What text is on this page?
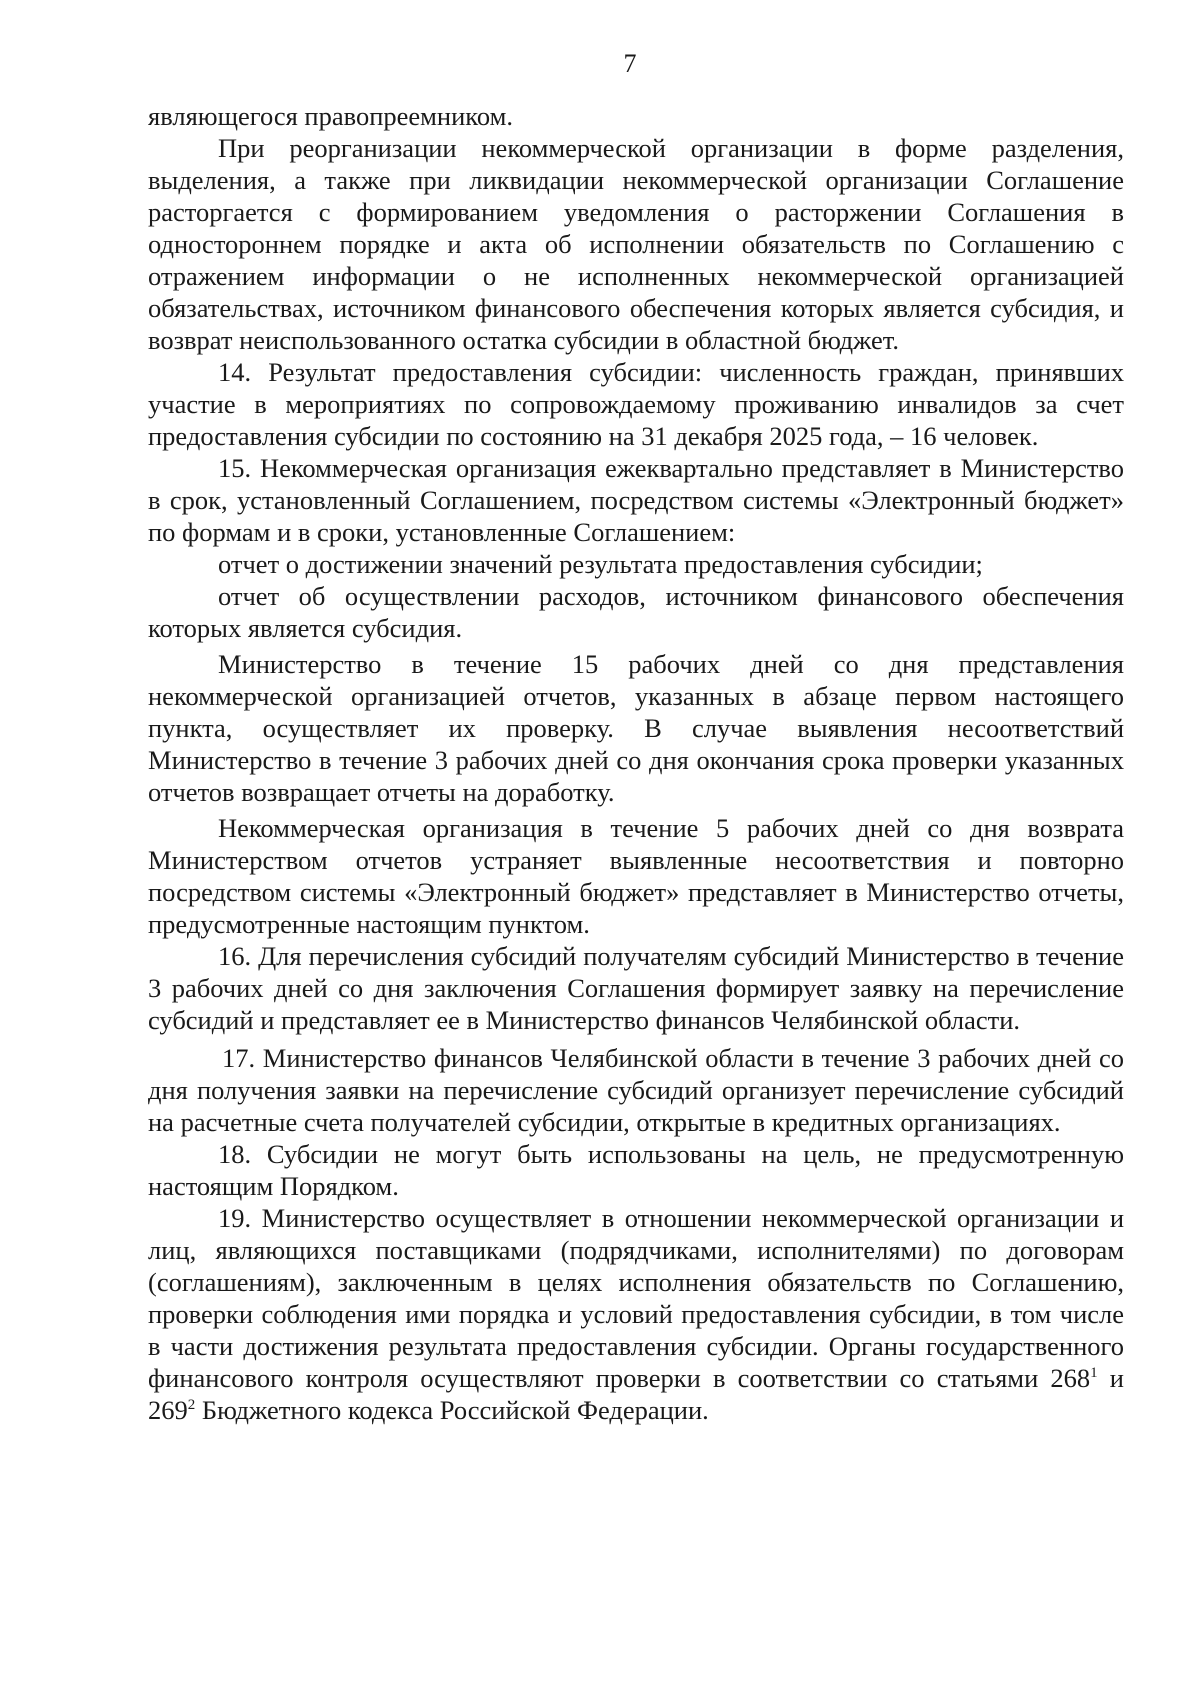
7

являющегося правопреемником.

При реорганизации некоммерческой организации в форме разделения, выделения, а также при ликвидации некоммерческой организации Соглашение расторгается с формированием уведомления о расторжении Соглашения в одностороннем порядке и акта об исполнении обязательств по Соглашению с отражением информации о не исполненных некоммерческой организацией обязательствах, источником финансового обеспечения которых является субсидия, и возврат неиспользованного остатка субсидии в областной бюджет.

14. Результат предоставления субсидии: численность граждан, принявших участие в мероприятиях по сопровождаемому проживанию инвалидов за счет предоставления субсидии по состоянию на 31 декабря 2025 года, – 16 человек.

15. Некоммерческая организация ежеквартально представляет в Министерство в срок, установленный Соглашением, посредством системы «Электронный бюджет» по формам и в сроки, установленные Соглашением:

отчет о достижении значений результата предоставления субсидии;

отчет об осуществлении расходов, источником финансового обеспечения которых является субсидия.

Министерство в течение 15 рабочих дней со дня представления некоммерческой организацией отчетов, указанных в абзаце первом настоящего пункта, осуществляет их проверку. В случае выявления несоответствий Министерство в течение 3 рабочих дней со дня окончания срока проверки указанных отчетов возвращает отчеты на доработку.

Некоммерческая организация в течение 5 рабочих дней со дня возврата Министерством отчетов устраняет выявленные несоответствия и повторно посредством системы «Электронный бюджет» представляет в Министерство отчеты, предусмотренные настоящим пунктом.

16. Для перечисления субсидий получателям субсидий Министерство в течение 3 рабочих дней со дня заключения Соглашения формирует заявку на перечисление субсидий и представляет ее в Министерство финансов Челябинской области.

17. Министерство финансов Челябинской области в течение 3 рабочих дней со дня получения заявки на перечисление субсидий организует перечисление субсидий на расчетные счета получателей субсидии, открытые в кредитных организациях.

18. Субсидии не могут быть использованы на цель, не предусмотренную настоящим Порядком.

19. Министерство осуществляет в отношении некоммерческой организации и лиц, являющихся поставщиками (подрядчиками, исполнителями) по договорам (соглашениям), заключенным в целях исполнения обязательств по Соглашению, проверки соблюдения ими порядка и условий предоставления субсидии, в том числе в части достижения результата предоставления субсидии. Органы государственного финансового контроля осуществляют проверки в соответствии со статьями $268^1$ и $269^2$ Бюджетного кодекса Российской Федерации.
